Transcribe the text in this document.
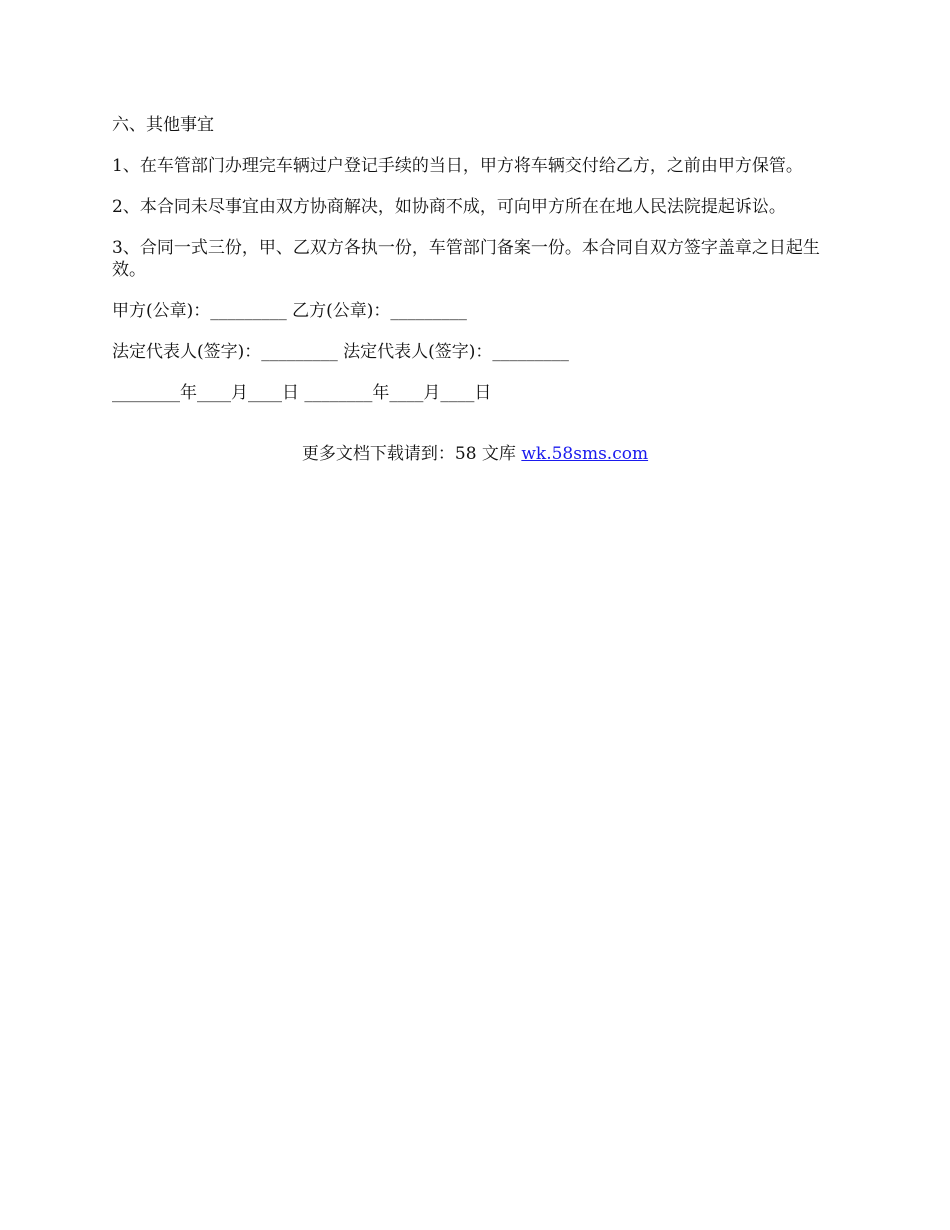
六、其他事宜
1、在车管部门办理完车辆过户登记手续的当日，甲方将车辆交付给乙方，之前由甲方保管。
2、本合同未尽事宜由双方协商解决，如协商不成，可向甲方所在在地人民法院提起诉讼。
3、合同一式三份，甲、乙双方各执一份，车管部门备案一份。本合同自双方签字盖章之日起生效。
甲方(公章)：_________ 乙方(公章)：_________
法定代表人(签字)：_________ 法定代表人(签字)：_________
________年____月____日 ________年____月____日
更多文档下载请到：58 文库 wk.58sms.com
